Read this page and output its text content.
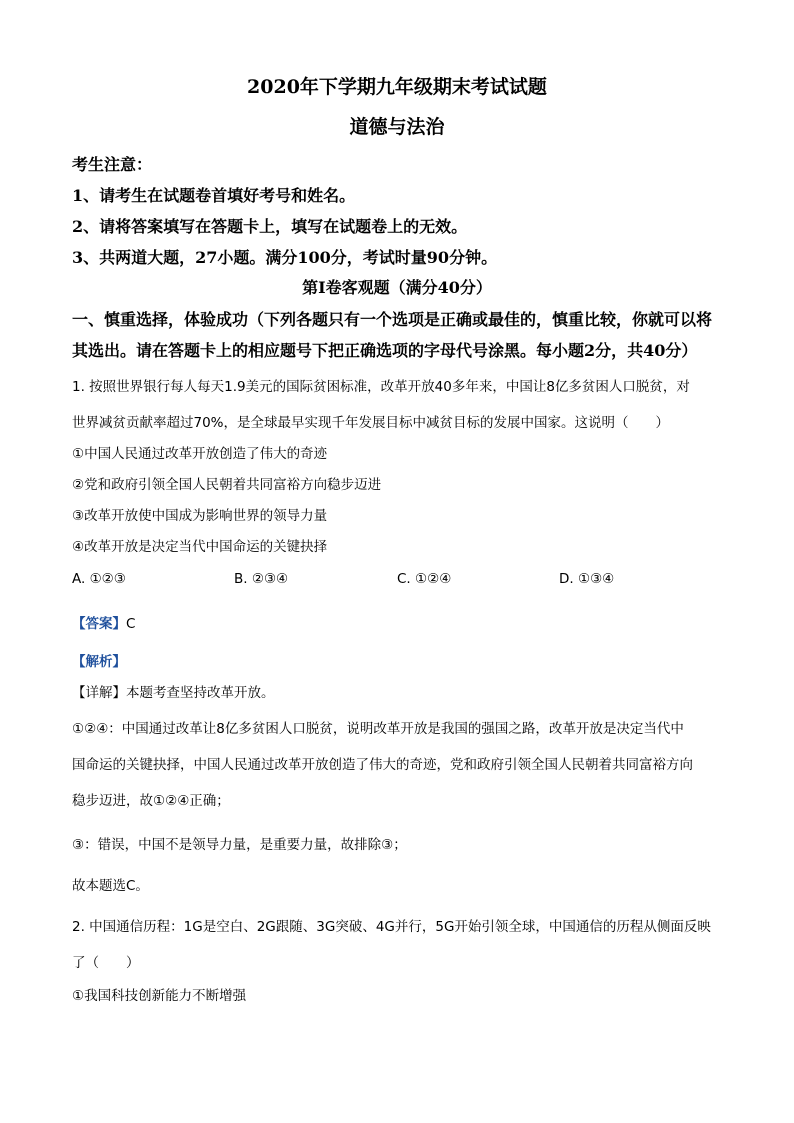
2020年下学期九年级期末考试试题
道德与法治
考生注意：
1、请考生在试题卷首填好考号和姓名。
2、请将答案填写在答题卡上，填写在试题卷上的无效。
3、共两道大题，27小题。满分100分，考试时量90分钟。
第Ⅰ卷客观题（满分40分）
一、慎重选择，体验成功（下列各题只有一个选项是正确或最佳的，慎重比较，你就可以将
其选出。请在答题卡上的相应题号下把正确选项的字母代号涂黑。每小题2分，共40分）
1. 按照世界银行每人每天1.9美元的国际贫困标准，改革开放40多年来，中国让8亿多贫困人口脱贫，对
世界减贫贡献率超过70%，是全球最早实现千年发展目标中减贫目标的发展中国家。这说明（　　）
①中国人民通过改革开放创造了伟大的奇迹
②党和政府引领全国人民朝着共同富裕方向稳步迈进
③改革开放使中国成为影响世界的领导力量
④改革开放是决定当代中国命运的关键抉择
A. ①②③	B. ②③④	C. ①②④	D. ①③④
【答案】C
【解析】
【详解】本题考查坚持改革开放。
①②④：中国通过改革让8亿多贫困人口脱贫，说明改革开放是我国的强国之路，改革开放是决定当代中
国命运的关键抉择，中国人民通过改革开放创造了伟大的奇迹，党和政府引领全国人民朝着共同富裕方向
稳步迈进，故①②④正确；
③：错误，中国不是领导力量，是重要力量，故排除③；
故本题选C。
2. 中国通信历程：1G是空白、2G跟随、3G突破、4G并行，5G开始引领全球，中国通信的历程从侧面反映
了（　　）
①我国科技创新能力不断增强
